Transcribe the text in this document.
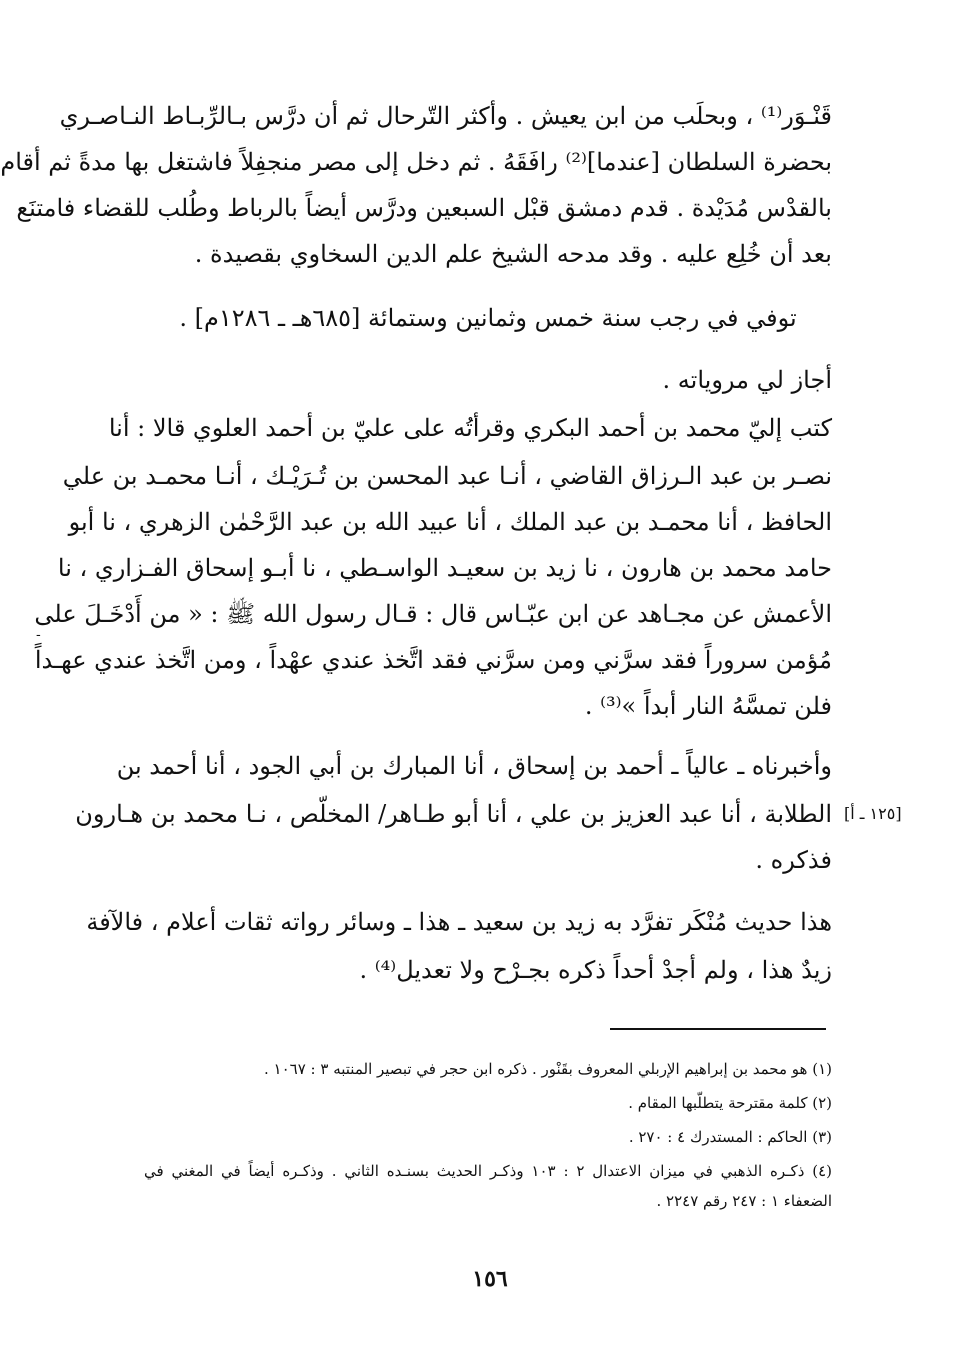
قَنْـوَر⁽¹⁾ ، وبحلَب من ابن يعيش . وأكثر التّرحال ثم أن درَّس بـالرِّبـاط النـاصـري
بحضرة السلطان [عندما]⁽²⁾ رافَقَهُ . ثم دخل إلى مصر منجفِلاً فاشتغل بها مدةً ثم أقام
بالقدْس مُدَيْدة . قدم دمشق قبْل السبعين ودرَّس أيضاً بالرباط وطُلب للقضاء فامتنَع
بعد أن خُلِع عليه . وقد مدحه الشيخ علم الدين السخاوي بقصيدة .
توفي في رجب سنة خمس وثمانين وستمائة [٦٨٥هـ ـ ١٢٨٦م] .
أجاز لي مروياته .
كتب إليّ محمد بن أحمد البكري وقرأتُه على عليّ بن أحمد العلوي قالا : أنا
نصـر بن عبد الـرزاق القاضي ، أنـا عبد المحسن بن تُـرَيْـك ، أنـا محمـد بن علي
الحافظ ، أنا محمـد بن عبد الملك ، أنا عبيد الله بن عبد الرَّحْمٰن الزهري ، نا أبو
حامد محمد بن هارون ، نا زيد بن سعيـد الواسـطي ، نا أبـو إسحاق الفـزاري ، نا
الأعمش عن مجـاهد عن ابن عبّـاس قال : قـال رسول الله ﷺ : « من أَدْخَـلَ على
مُؤمن سروراً فقد سرَّني ومن سرَّني فقد اتَّخذ عندي عهْداً ، ومن اتَّخذ عندي عهـداً
فلن تمسَّهُ النار أبداً »⁽³⁾ .
وأخبرناه ـ عالياً ـ أحمد بن إسحاق ، أنا المبارك بن أبي الجود ، أنا أحمد بن
الطلابة ، أنا عبد العزيز بن علي ، أنا أبو طـاهر/ المخلّص ، نـا محمد بن هـارون
فذكره .
[١٢٥ ـ أ]
هذا حديث مُنْكَر تفرَّد به زيد بن سعيد ـ هذا ـ وسائر رواته ثقات أعلام ، فالآفة
زيدٌ هذا ، ولم أجدْ أحداً ذكره بجـرْح ولا تعديل⁽⁴⁾ .
(١) هو محمد بن إبراهيم الإربلي المعروف بقَنْور . ذكره ابن حجر في تبصير المنتبه ٣ : ١٠٦٧ .
(٢) كلمة مقترحة يتطلّبها المقام .
(٣) الحاكم : المستدرك ٤ : ٢٧٠ .
(٤) ذكـره الذهبي في ميزان الاعتدال ٢ : ١٠٣ وذكـر الحديث بسنـده الثاني . وذكـره أيضاً في المغني في
الضعفاء ١ : ٢٤٧ رقم ٢٢٤٧ .
١٥٦
-
